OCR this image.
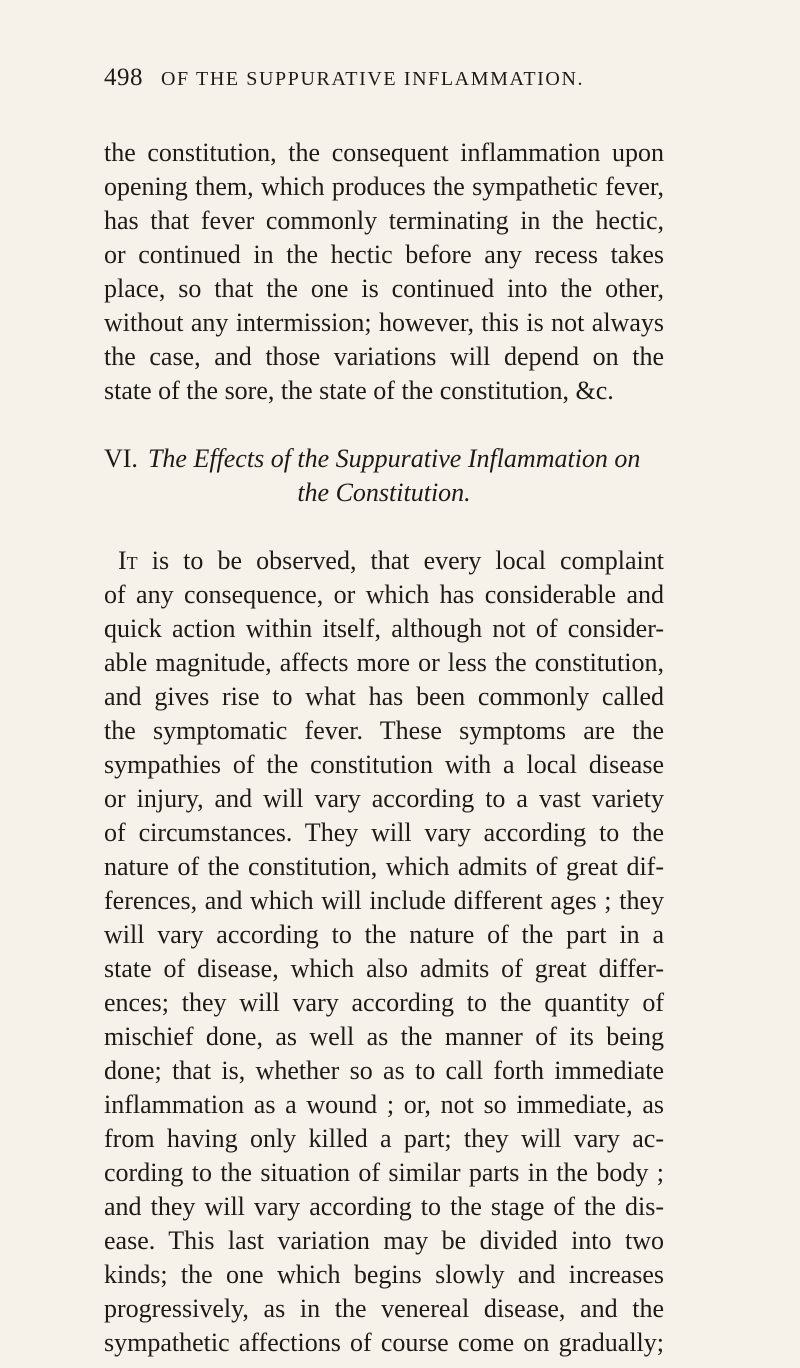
498 OF THE SUPPURATIVE INFLAMMATION.
the constitution, the consequent inflammation upon
opening them, which produces the sympathetic fever,
has that fever commonly terminating in the hectic,
or continued in the hectic before any recess takes
place, so that the one is continued into the other,
without any intermission; however, this is not always
the case, and those variations will depend on the
state of the sore, the state of the constitution, &c.
VI. The Effects of the Suppurative Inflammation on
the Constitution.
It is to be observed, that every local complaint
of any consequence, or which has considerable and
quick action within itself, although not of consider-
able magnitude, affects more or less the constitution,
and gives rise to what has been commonly called
the symptomatic fever. These symptoms are the
sympathies of the constitution with a local disease
or injury, and will vary according to a vast variety
of circumstances. They will vary according to the
nature of the constitution, which admits of great dif-
ferences, and which will include different ages ; they
will vary according to the nature of the part in a
state of disease, which also admits of great differ-
ences; they will vary according to the quantity of
mischief done, as well as the manner of its being
done; that is, whether so as to call forth immediate
inflammation as a wound ; or, not so immediate, as
from having only killed a part; they will vary ac-
cording to the situation of similar parts in the body ;
and they will vary according to the stage of the dis-
ease. This last variation may be divided into two
kinds; the one which begins slowly and increases
progressively, as in the venereal disease, and the
sympathetic affections of course come on gradually;
